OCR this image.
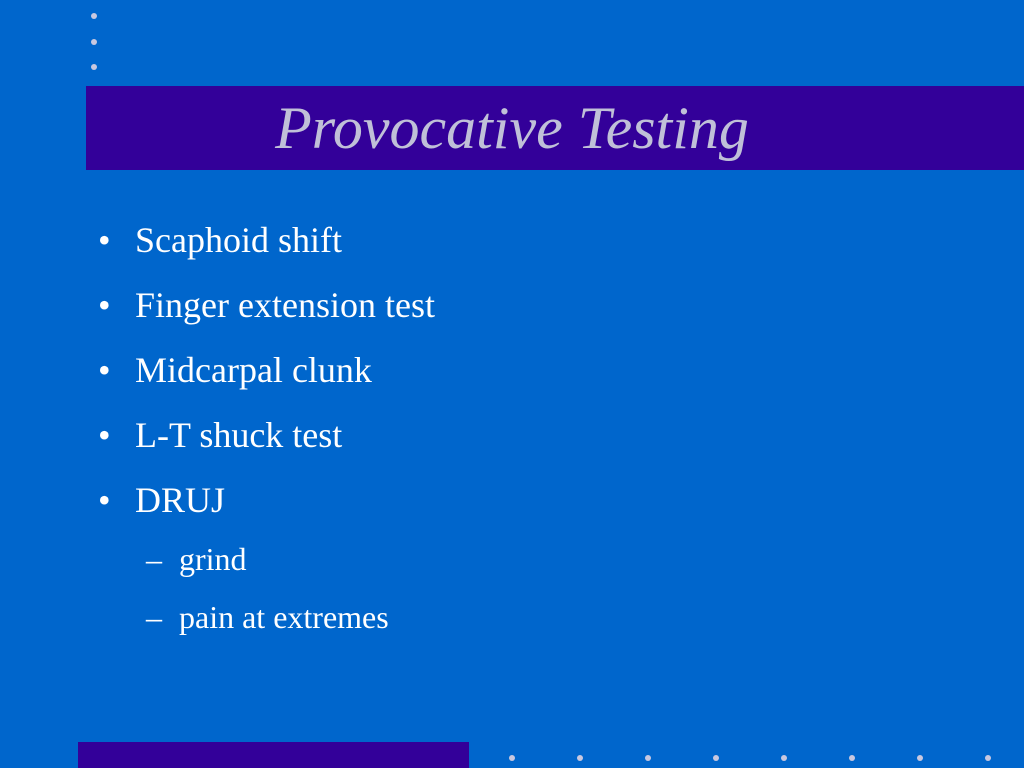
Provocative Testing
• Scaphoid shift
• Finger extension test
• Midcarpal clunk
• L-T shuck test
• DRUJ
– grind
– pain at extremes
